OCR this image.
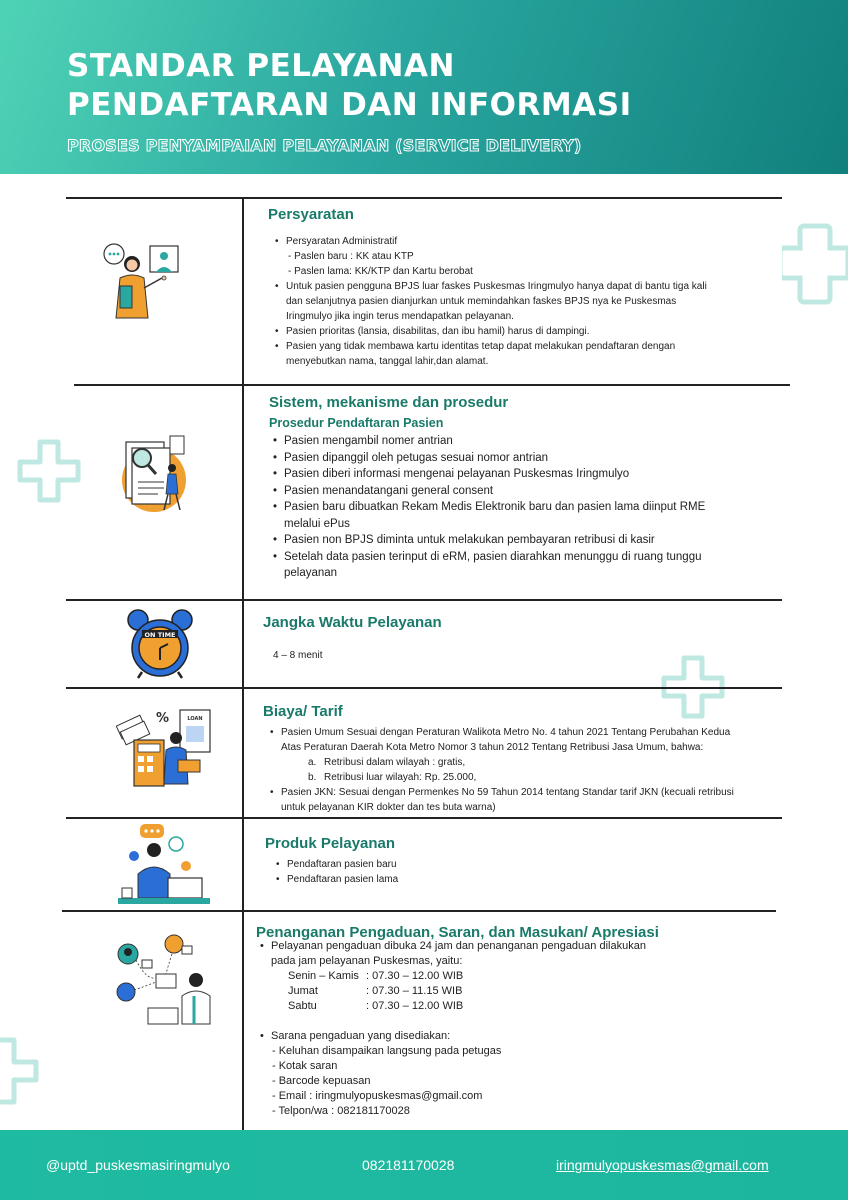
STANDAR PELAYANAN
PENDAFTARAN DAN INFORMASI
PROSES PENYAMPAIAN PELAYANAN (SERVICE DELIVERY)
Persyaratan
• Persyaratan Administratif
- Paslen baru : KK atau KTP
- Paslen lama: KK/KTP dan Kartu berobat
• Untuk pasien pengguna BPJS luar faskes Puskesmas Iringmulyo hanya dapat di bantu tiga kali
dan selanjutnya pasien dianjurkan untuk memindahkan faskes BPJS nya ke Puskesmas
Iringmulyo jika ingin terus mendapatkan pelayanan.
• Pasien prioritas (lansia, disabilitas, dan ibu hamil) harus di dampingi.
• Pasien yang tidak membawa kartu identitas tetap dapat melakukan pendaftaran dengan
menyebutkan nama, tanggal lahir,dan alamat.
Sistem, mekanisme dan prosedur
Prosedur Pendaftaran Pasien
• Pasien mengambil nomer antrian
• Pasien dipanggil oleh petugas sesuai nomor antrian
• Pasien diberi informasi mengenai pelayanan Puskesmas Iringmulyo
• Pasien menandatangani general consent
• Pasien baru dibuatkan Rekam Medis Elektronik baru dan pasien lama diinput RME
melalui ePus
• Pasien non BPJS diminta untuk melakukan pembayaran retribusi di kasir
• Setelah data pasien terinput di eRM, pasien diarahkan menunggu di ruang tunggu
pelayanan
ON TIME
Jangka Waktu Pelayanan
4 – 8 menit
%	LOAN	Biaya/ Tarif
• Pasien Umum Sesuai dengan Peraturan Walikota Metro No. 4 tahun 2021 Tentang Perubahan Kedua
Atas Peraturan Daerah Kota Metro Nomor 3 tahun 2012 Tentang Retribusi Jasa Umum, bahwa:
a. Retribusi dalam wilayah : gratis,
b. Retribusi luar wilayah: Rp. 25.000,
• Pasien JKN: Sesuai dengan Permenkes No 59 Tahun 2014 tentang Standar tarif JKN (kecuali retribusi
untuk pelayanan KIR dokter dan tes buta warna)
Produk Pelayanan
• Pendaftaran pasien baru
• Pendaftaran pasien lama
Penanganan Pengaduan, Saran, dan Masukan/ Apresiasi
• Pelayanan pengaduan dibuka 24 jam dan penanganan pengaduan dilakukan
pada jam pelayanan Puskesmas, yaitu:
Senin – Kamis	: 07.30 – 12.00 WIB
Jumat	: 07.30 – 11.15 WIB
Sabtu	: 07.30 – 12.00 WIB
• Sarana pengaduan yang disediakan:
- Keluhan disampaikan langsung pada petugas
- Kotak saran
- Barcode kepuasan
- Email : iringmulyopuskesmas@gmail.com
- Telpon/wa : 082181170028
@uptd_puskesmasiringmulyo	082181170028	iringmulyopuskesmas@gmail.com
